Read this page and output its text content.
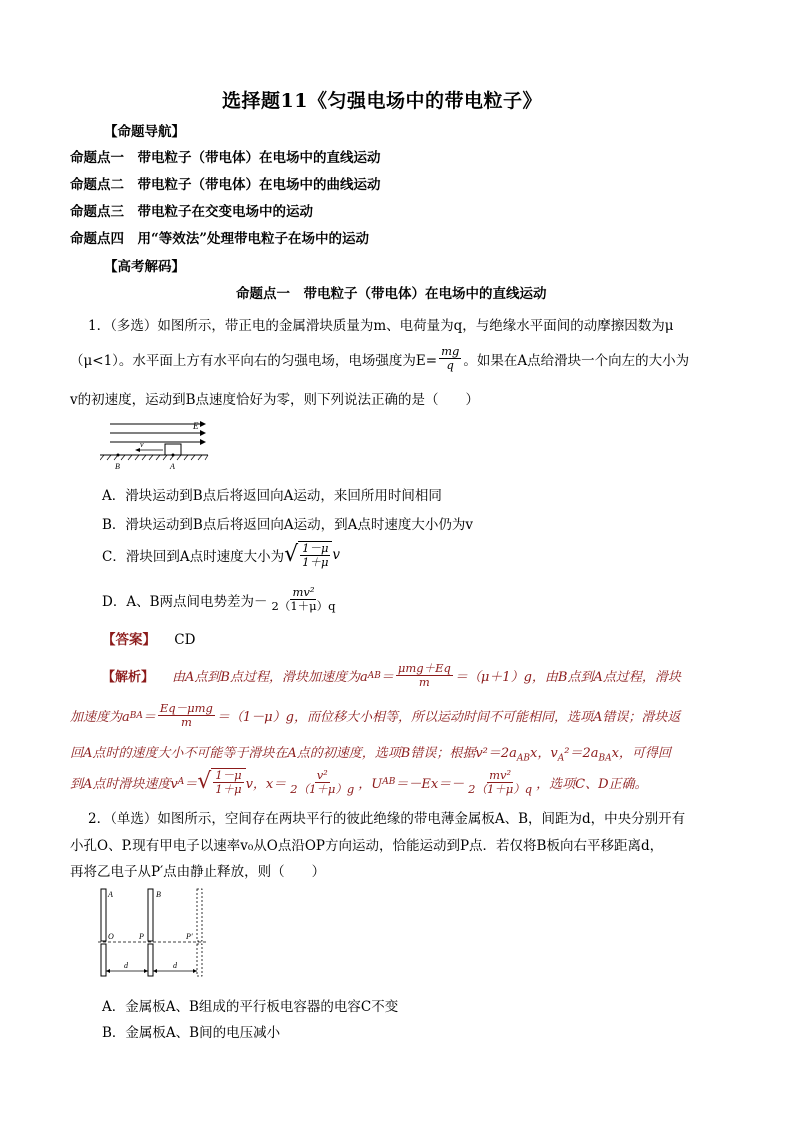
选择题11《匀强电场中的带电粒子》
【命题导航】
命题点一　带电粒子（带电体）在电场中的直线运动
命题点二　带电粒子（带电体）在电场中的曲线运动
命题点三　带电粒子在交变电场中的运动
命题点四　用“等效法”处理带电粒子在场中的运动
【高考解码】
命题点一　带电粒子（带电体）在电场中的直线运动
1．（多选）如图所示，带正电的金属滑块质量为m、电荷量为q，与绝缘水平面间的动摩擦因数为μ
（μ<1）。水平面上方有水平向右的匀强电场，电场强度为$E= \frac{mg}{q}$ 。如果在A点给滑块一个向左的大小为
v的初速度，运动到B点速度恰好为零，则下列说法正确的是（　　）
E
v
B	A
A．滑块运动到B点后将返回向A运动，来回所用时间相同
B．滑块运动到B点后将返回向A运动，到A点时速度大小仍为v
C．滑块回到A点时速度大小为 √ $\frac{1-\mu}{1+\mu}$ v
D．A、B两点间电势差为－ $\frac{\text{mv²}}{2(1+\mu)q}$
【答案】 CD
【解析】 由A点到B点过程，滑块加速度为a AB ＝ $\frac{\text{μmg＋Eq}}{m} =(\mu+1)g$，由B点到A点过程，滑块
加速度为a BA ＝ $\frac{\text{Eq－μmg}}{m} =(1-\mu)g$，而位移大小相等，所以运动时间不可能相同，选项A错误；滑块返
回A点时的速度大小不可能等于滑块在A点的初速度，选项B错误；根据$v^2=2a_{AB}x$，$v_A^2=2a_{BA}x$，可得回
到A点时滑块速度v A ＝ √ $\frac{1-\mu}{1+\mu}$ v，$x= \frac{\text{v²}}{2(1+\mu)g}$ ，U AB $=-Ex=- \frac{\text{mv²}}{2(1+\mu)q}$ ，选项C、D正确。
2．（单选）如图所示，空间存在两块平行的彼此绝缘的带电薄金属板A、B，间距为d，中央分别开有
小孔O、P.现有甲电子以速率v₀从O点沿OP方向运动，恰能运动到P点．若仅将B板向右平移距离d，
再将乙电子从P′点由静止释放，则（　　）
A	B
O	P	P′
d	d
A．金属板A、B组成的平行板电容器的电容C不变
B．金属板A、B间的电压减小
